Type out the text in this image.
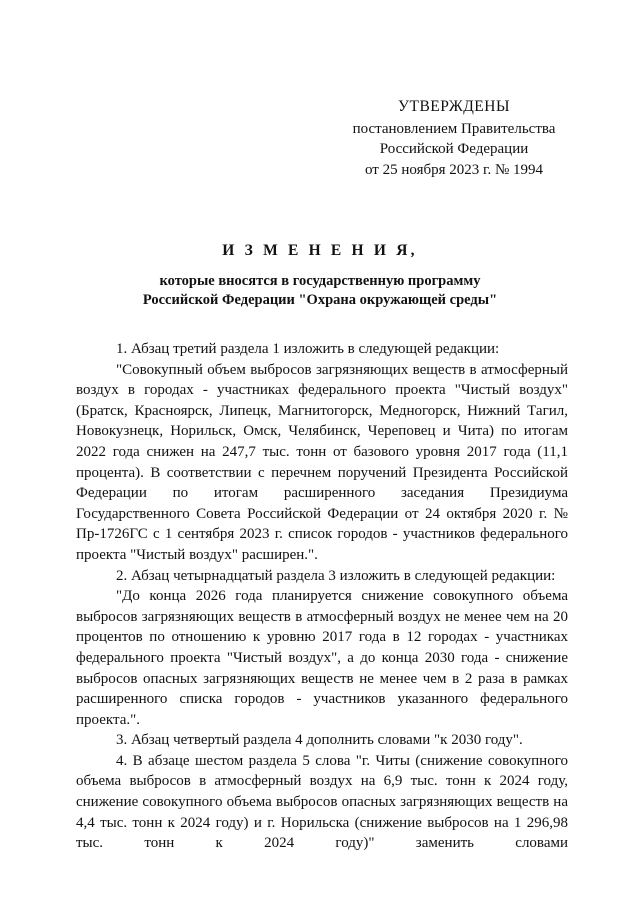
УТВЕРЖДЕНЫ
постановлением Правительства
Российской Федерации
от 25 ноября 2023 г. № 1994
И З М Е Н Е Н И Я,
которые вносятся в государственную программу
Российской Федерации "Охрана окружающей среды"

1. Абзац третий раздела 1 изложить в следующей редакции:

"Совокупный объем выбросов загрязняющих веществ в атмосферный воздух в городах - участниках федерального проекта "Чистый воздух" (Братск, Красноярск, Липецк, Магнитогорск, Медногорск, Нижний Тагил, Новокузнецк, Норильск, Омск, Челябинск, Череповец и Чита) по итогам 2022 года снижен на 247,7 тыс. тонн от базового уровня 2017 года (11,1 процента). В соответствии с перечнем поручений Президента Российской Федерации по итогам расширенного заседания Президиума Государственного Совета Российской Федерации от 24 октября 2020 г. № Пр-1726ГС с 1 сентября 2023 г. список городов - участников федерального проекта "Чистый воздух" расширен.".

2. Абзац четырнадцатый раздела 3 изложить в следующей редакции:

"До конца 2026 года планируется снижение совокупного объема выбросов загрязняющих веществ в атмосферный воздух не менее чем на 20 процентов по отношению к уровню 2017 года в 12 городах - участниках федерального проекта "Чистый воздух", а до конца 2030 года - снижение выбросов опасных загрязняющих веществ не менее чем в 2 раза в рамках расширенного списка городов - участников указанного федерального проекта.".

3. Абзац четвертый раздела 4 дополнить словами "к 2030 году".

4. В абзаце шестом раздела 5 слова "г. Читы (снижение совокупного объема выбросов в атмосферный воздух на 6,9 тыс. тонн к 2024 году, снижение совокупного объема выбросов опасных загрязняющих веществ на 4,4 тыс. тонн к 2024 году) и г. Норильска (снижение выбросов на 1 296,98 тыс. тонн к 2024 году)" заменить словами
